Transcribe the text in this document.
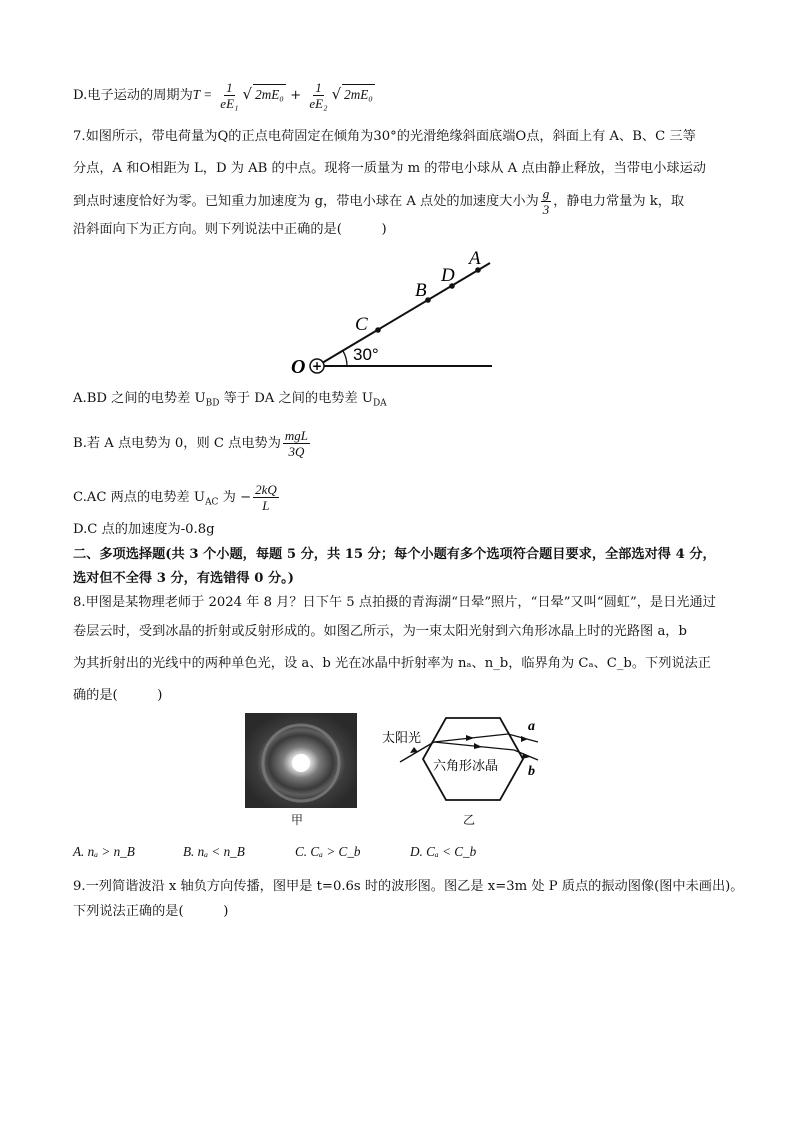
D.电子运动的周期为$T = \frac{1}{\text{eE₁}}$ √ $2mE_0 + \frac{1}{\text{eE₂}}$ √ 2mE₀
7.如图所示，带电荷量为Q的正点电荷固定在倾角为30°的光滑绝缘斜面底端O点，斜面上有 A、B、C 三等
分点，A 和O相距为 L，D 为 AB 的中点。现将一质量为 m 的带电小球从 A 点由静止释放，当带电小球运动
到点时速度恰好为零。已知重力加速度为 g，带电小球在 A 点处的加速度大小为 $\frac{g}{3}$ ，静电力常量为 k，取
沿斜面向下为正方向。则下列说法中正确的是(　　　)
+
O
30°
C
B
D
A
A.BD 之间的电势差 $U_{BD}$ 等于 DA 之间的电势差 $U_{DA}$
B.若 A 点电势为 0，则 C 点电势为 $\frac{\text{mgL}}{3Q}$
C.AC 两点的电势差 $U_{AC}$ 为 − $\frac{2kQ}{L}$
D.C 点的加速度为-0.8g
二、多项选择题(共 3 个小题，每题 5 分，共 15 分；每个小题有多个选项符合题目要求，全部选对得 4 分，
选对但不全得 3 分，有选错得 0 分。)
8.甲图是某物理老师于 2024 年 8 月？日下午 5 点拍摄的青海湖“日晕”照片，“日晕”又叫“圆虹”，是日光通过
卷层云时，受到冰晶的折射或反射形成的。如图乙所示，为一束太阳光射到六角形冰晶上时的光路图 a，b
为其折射出的光线中的两种单色光，设 a、b 光在冰晶中折射率为 nₐ、n_b，临界角为 Cₐ、C_b。下列说法正
确的是(　　　)
甲
太阳光
六角形冰晶
a
b
乙
A. nₐ > n_B	B. nₐ < n_B	C. Cₐ > C_b	D. Cₐ < C_b
9.一列简谐波沿 x 轴负方向传播，图甲是 t=0.6s 时的波形图。图乙是 x=3m 处 P 质点的振动图像(图中未画出)。
下列说法正确的是(　　　)
